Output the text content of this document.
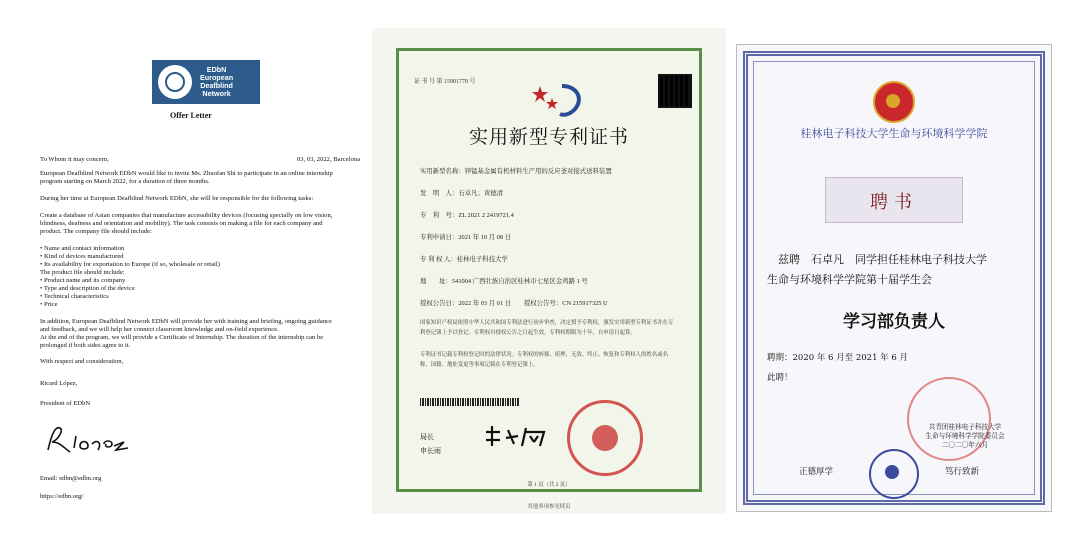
EDbN
European
Deafblind
Network
Offer Letter
To Whom it may concern,	03, 03, 2022, Barcelona
European Deafblind Network EDbN would like to invite Ms. Zhuofan Shi to participate in an online internship
program starting on March 2022, for a duration of three months.
During her time at European Deafblind Network EDbN, she will be responsible for the following tasks:
Create a database of Asian companies that manufacture accessibility devices (focusing specially on low vision,
blindness, deafness and orientation and mobility). The task consists on making a file for each company and
product. The company file should include:
• Name and contact information
• Kind of devices manufactured
• Its availability for exportation to Europe (if so, wholesale or retail)
The product file should include:
• Product name and its company
• Type and description of the device
• Technical characteristics
• Price
In addition, European Deafblind Network EDbN will provide her with training and briefing, ongoing guidance
and feedback, and we will help her connect classroom knowledge and on-field experience.
At the end of the program, we will provide a Certificate of Internship. The duration of the internship can be
prolonged if both sides agree to it.
With respect and consideration,
Ricard López,
President of EDbN
Email: edbn@edbn.org
https://edbn.org/
证 书 号 第 15901770 号
实用新型专利证书
实用新型名称：锌锰基金属有机材料生产用的反应釜对接式送料装置
发　明　人：石卓凡；黄德清
专　利　号：ZL 2021 2 2419721.4
专利申请日：2021 年 10 月 08 日
专 利 权 人：桂林电子科技大学
地　　址：541004 广西壮族自治区桂林市七星区金鸡路 1 号
授权公告日：2022 年 03 月 01 日　　授权公告号：CN 215917325 U
国家知识产权局依照中华人民共和国专利法进行初步审查，决定授予专利权，颁发实用新型专利证书并在专利登记簿上予以登记。专利权自授权公告之日起生效。专利权期限为十年，自申请日起算。
专利证书记载专利权登记时的法律状况。专利权的转移、质押、无效、终止、恢复和专利权人的姓名或名称、国籍、地址变更等事项记载在专利登记簿上。
局长
申长雨
第 1 页（共 2 页）
其他事项参见续页
桂林电子科技大学生命与环境科学学院
聘书
　兹聘　石卓凡　同学担任桂林电子科技大学
生命与环境科学学院第十届学生会
学习部负责人
聘期：2020 年 6 月至 2021 年 6 月
此聘！
共青团桂林电子科技大学
生命与环境科学学院委员会
二〇二〇年六月
正德厚学	笃行致新
